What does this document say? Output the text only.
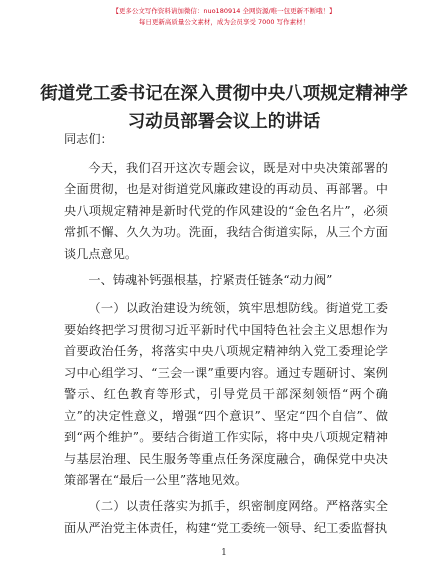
【更多公文写作资料请加微信：nuo180914 全网资源/唯一包更新不断哦！】
每日更新高质量公文素材，成为会员享受 7000 写作素材！
街道党工委书记在深入贯彻中央八项规定精神学习动员部署会议上的讲话

同志们：

今天，我们召开这次专题会议，既是对中央决策部署的全面贯彻，也是对街道党风廉政建设的再动员、再部署。中央八项规定精神是新时代党的作风建设的“金色名片”，必须常抓不懈、久久为功。洗面，我结合街道实际，从三个方面谈几点意见。

一、铸魂补钙强根基，拧紧责任链条“动力阀”

（一）以政治建设为统领，筑牢思想防线。街道党工委要始终把学习贯彻习近平新时代中国特色社会主义思想作为首要政治任务，将落实中央八项规定精神纳入党工委理论学习中心组学习、“三会一课”重要内容。通过专题研讨、案例警示、红色教育等形式，引导党员干部深刻领悟“两个确立”的决定性意义，增强“四个意识”、坚定“四个自信”、做到“两个维护”。要结合街道工作实际，将中央八项规定精神与基层治理、民生服务等重点任务深度融合，确保党中央决策部署在“最后一公里”落地见效。

（二）以责任落实为抓手，织密制度网络。严格落实全面从严治党主体责任，构建“党工委统一领导、纪工委监督执

1
